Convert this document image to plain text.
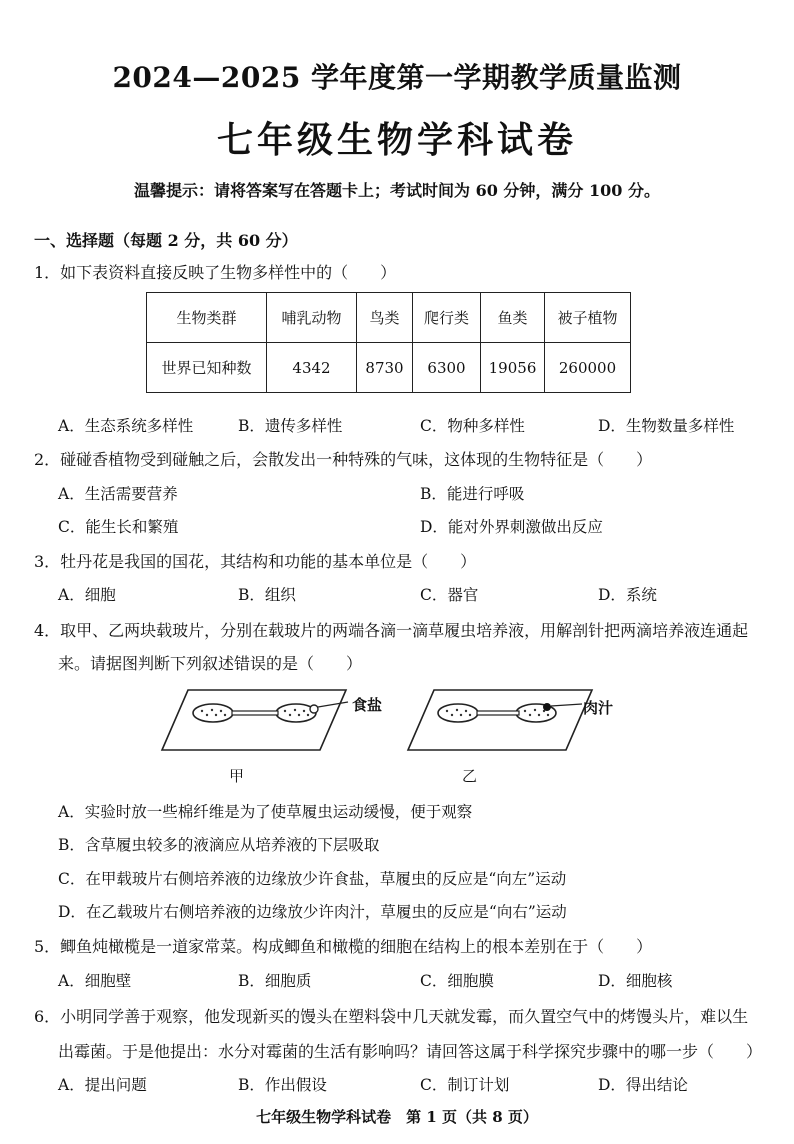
2024—2025 学年度第一学期教学质量监测
七年级生物学科试卷
温馨提示：请将答案写在答题卡上；考试时间为 60 分钟，满分 100 分。
一、选择题（每题 2 分，共 60 分）
1．如下表资料直接反映了生物多样性中的（　　）
生物类群	哺乳动物	鸟类	爬行类	鱼类	被子植物
世界已知种数	4342	8730	6300	19056	260000
A．生态系统多样性	B．遗传多样性	C．物种多样性	D．生物数量多样性
2．碰碰香植物受到碰触之后，会散发出一种特殊的气味，这体现的生物特征是（　　）
A．生活需要营养	B．能进行呼吸
C．能生长和繁殖	D．能对外界刺激做出反应
3．牡丹花是我国的国花，其结构和功能的基本单位是（　　）
A．细胞	B．组织	C．器官	D．系统
4．取甲、乙两块载玻片，分别在载玻片的两端各滴一滴草履虫培养液，用解剖针把两滴培养液连通起
来。请据图判断下列叙述错误的是（　　）
食盐	肉汁
甲	乙
A．实验时放一些棉纤维是为了使草履虫运动缓慢，便于观察
B．含草履虫较多的液滴应从培养液的下层吸取
C．在甲载玻片右侧培养液的边缘放少许食盐，草履虫的反应是“向左”运动
D．在乙载玻片右侧培养液的边缘放少许肉汁，草履虫的反应是“向右”运动
5．鲫鱼炖橄榄是一道家常菜。构成鲫鱼和橄榄的细胞在结构上的根本差别在于（　　）
A．细胞壁	B．细胞质	C．细胞膜	D．细胞核
6．小明同学善于观察，他发现新买的馒头在塑料袋中几天就发霉，而久置空气中的烤馒头片，难以生
出霉菌。于是他提出：水分对霉菌的生活有影响吗？请回答这属于科学探究步骤中的哪一步（　　）
A．提出问题	B．作出假设	C．制订计划	D．得出结论
七年级生物学科试卷　第 1 页（共 8 页）
